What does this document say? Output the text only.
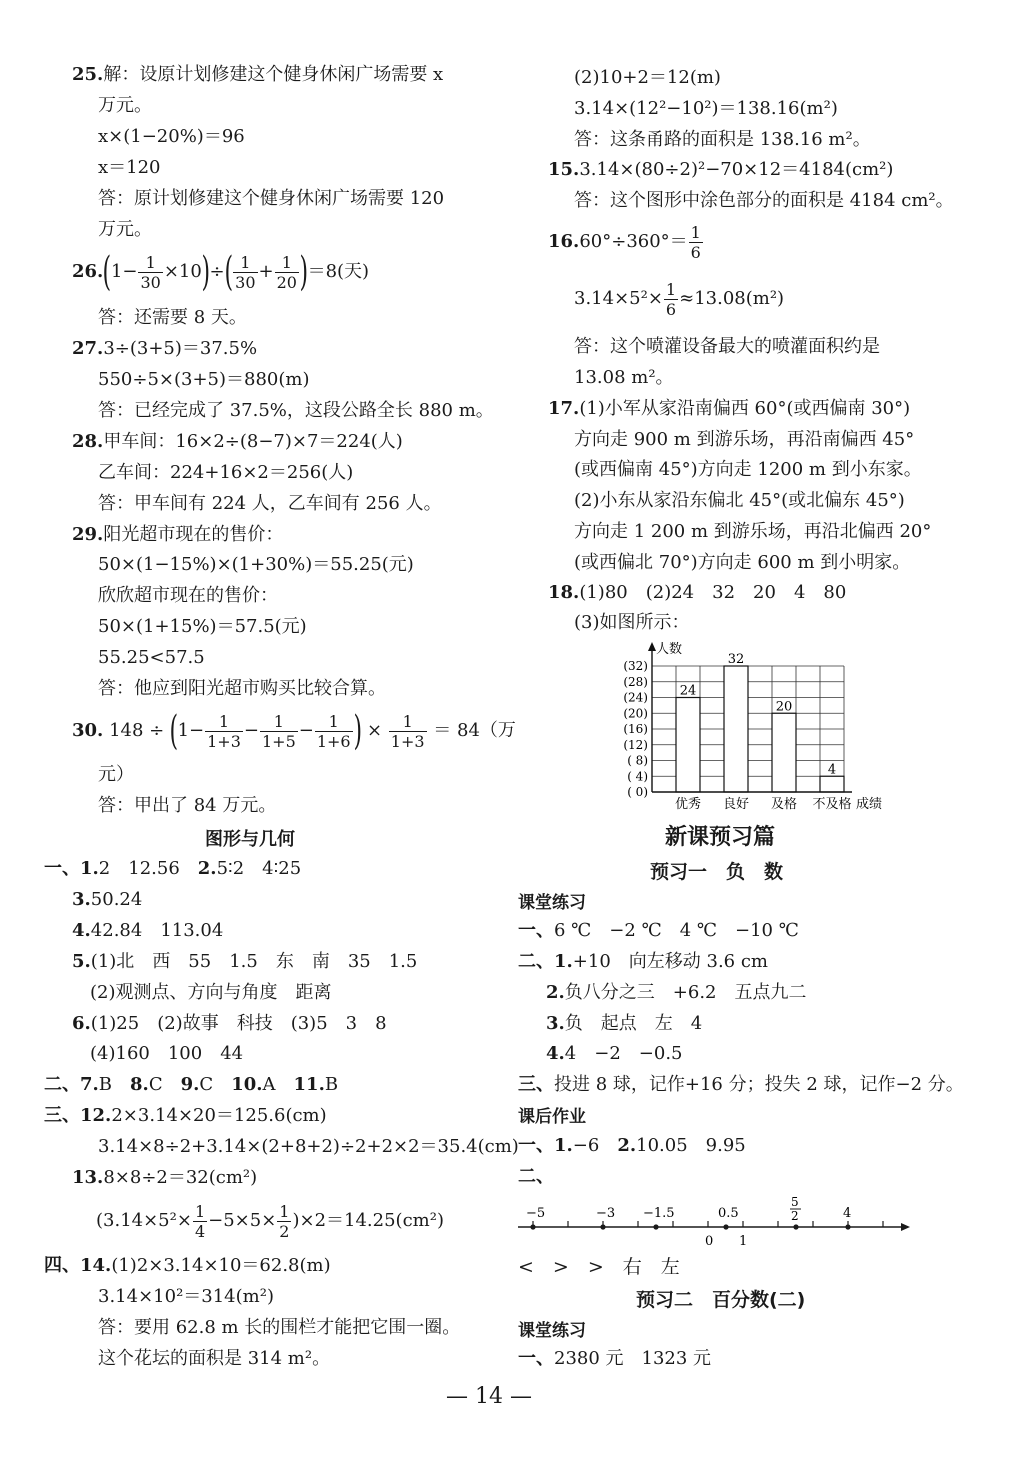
25.解：设原计划修建这个健身休闲广场需要 x
万元。
x×(1−20%)＝96
x＝120
答：原计划修建这个健身休闲广场需要 120
万元。
$26.(1- \frac{1}{30} \times 10)\div( \frac{1}{30} + \frac{1}{20} )=8$(天)
答：还需要 8 天。
27.3÷(3+5)＝37.5%
550÷5×(3+5)＝880(m)
答：已经完成了 37.5%，这段公路全长 880 m。
28.甲车间：16×2÷(8−7)×7＝224(人)
乙车间：224+16×2＝256(人)
答：甲车间有 224 人，乙车间有 256 人。
29.阳光超市现在的售价：
50×(1−15%)×(1+30%)＝55.25(元)
欣欣超市现在的售价：
50×(1+15%)＝57.5(元)
55.25<57.5
答：他应到阳光超市购买比较合算。
30. $148 \div (1- \frac{1}{1+3} - \frac{1}{1+5} - \frac{1}{1+6}$ ) × $\frac{1}{1+3} = 84$（万
元）
答：甲出了 84 万元。
图形与几何
一、1.2　12.56　2.5∶2　4∶25
3.50.24
4.42.84　113.04
5.(1)北　西　55　1.5　东　南　35　1.5
(2)观测点、方向与角度　距离
6.(1)25　(2)故事　科技　(3)5　3　8
(4)160　100　44
二、7.B　8.C　9.C　10.A　11.B
三、12.2×3.14×20＝125.6(cm)
3.14×8÷2+3.14×(2+8+2)÷2+2×2＝35.4(cm)
13.8×8÷2＝32(cm²)
$(3.14\times 5^2\times \frac{1}{4} -5\times 5\times \frac{1}{2} )\times 2=14.25(cm^2)$
四、14.(1)2×3.14×10＝62.8(m)
3.14×10²＝314(m²)
答：要用 62.8 m 长的围栏才能把它围一圈。
这个花坛的面积是 314 m²。
(2)10+2＝12(m)
3.14×(12²−10²)＝138.16(m²)
答：这条甬路的面积是 138.16 m²。
15.3.14×(80÷2)²−70×12＝4184(cm²)
答：这个图形中涂色部分的面积是 4184 cm²。
$16.60^\circ\div 360^\circ= \frac{1}{6}$
$3.14\times 5^2\times \frac{1}{6} \approx 13.08(m^2)$
答：这个喷灌设备最大的喷灌面积约是
13.08 m²。
17.(1)小军从家沿南偏西 60°(或西偏南 30°)
方向走 900 m 到游乐场，再沿南偏西 45°
(或西偏南 45°)方向走 1200 m 到小东家。
(2)小东从家沿东偏北 45°(或北偏东 45°)
方向走 1 200 m 到游乐场，再沿北偏西 20°
(或西偏北 70°)方向走 600 m 到小明家。
18.(1)80　(2)24　32　20　4　80
(3)如图所示：
24
32
20
4
( 0)
( 4)
( 8)
(12)
(16)
(20)
(24)
(28)
(32)
优秀 良好 及格 不及格
人数
成绩
新课预习篇
预习一　负　数
课堂练习
一、6 ℃　−2 ℃　4 ℃　−10 ℃
二、1.+10　向左移动 3.6 cm
2.负八分之三　+6.2　五点九二
3.负　起点　左　4
4.4　−2　−0.5
三、投进 8 球，记作+16 分；投失 2 球，记作−2 分。
课后作业
一、1.−6　2.10.05　9.95
二、
−5	−3 −1.5	0.5
5
2	4
0 1
<　>　>　右　左
预习二　百分数(二)
课堂练习
一、2380 元　1323 元
— 14 —
